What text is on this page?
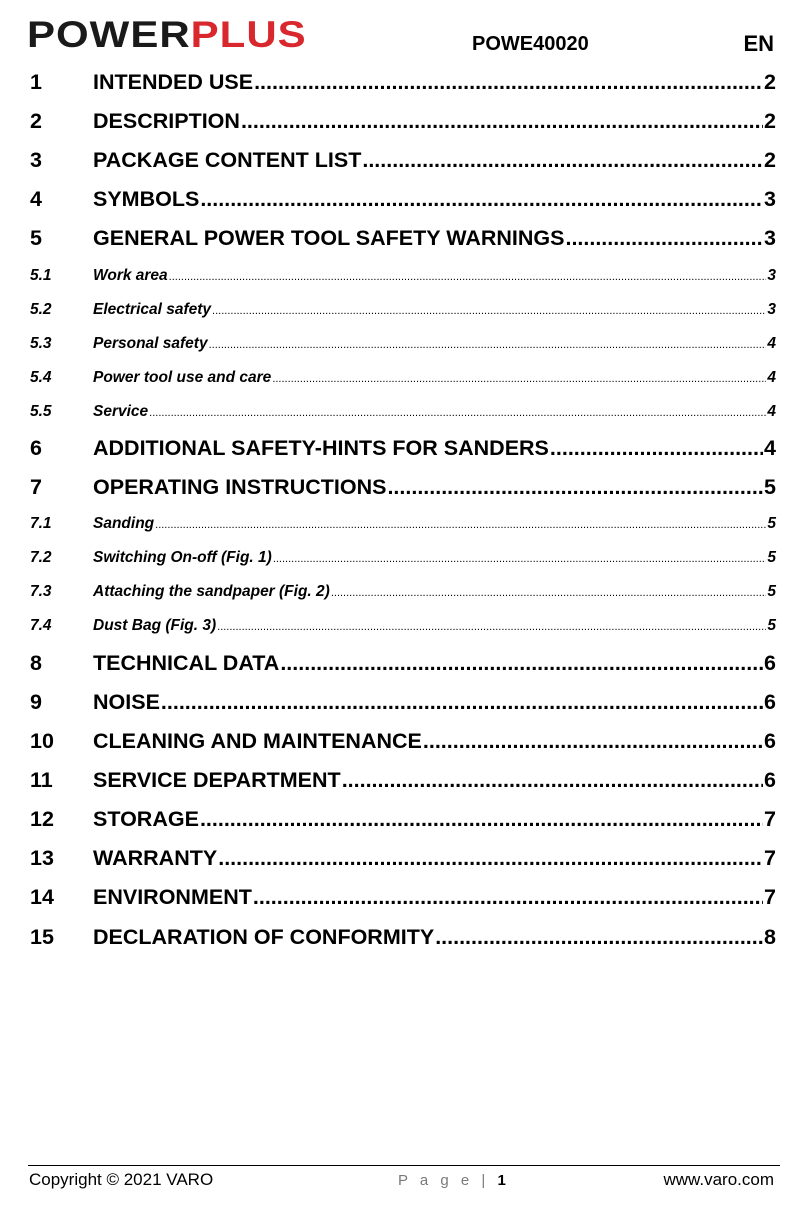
POWERPLUS	POWE40020	EN
1	INTENDED USE .....	2
2	DESCRIPTION .....	2
3	PACKAGE CONTENT LIST .....	2
4	SYMBOLS .....	3
5	GENERAL POWER TOOL SAFETY WARNINGS .....	3
5.1	Work area .....	3
5.2	Electrical safety .....	3
5.3	Personal safety .....	4
5.4	Power tool use and care .....	4
5.5	Service .....	4
6	ADDITIONAL SAFETY-HINTS FOR SANDERS .....	4
7	OPERATING INSTRUCTIONS .....	5
7.1	Sanding .....	5
7.2	Switching On-off (Fig. 1) .....	5
7.3	Attaching the sandpaper (Fig. 2) .....	5
7.4	Dust Bag (Fig. 3) .....	5
8	TECHNICAL DATA .....	6
9	NOISE .....	6
10	CLEANING AND MAINTENANCE .....	6
11	SERVICE DEPARTMENT .....	6
12	STORAGE .....	7
13	WARRANTY .....	7
14	ENVIRONMENT .....	7
15	DECLARATION OF CONFORMITY .....	8
Copyright © 2021 VARO	P a g e | 1	www.varo.com
